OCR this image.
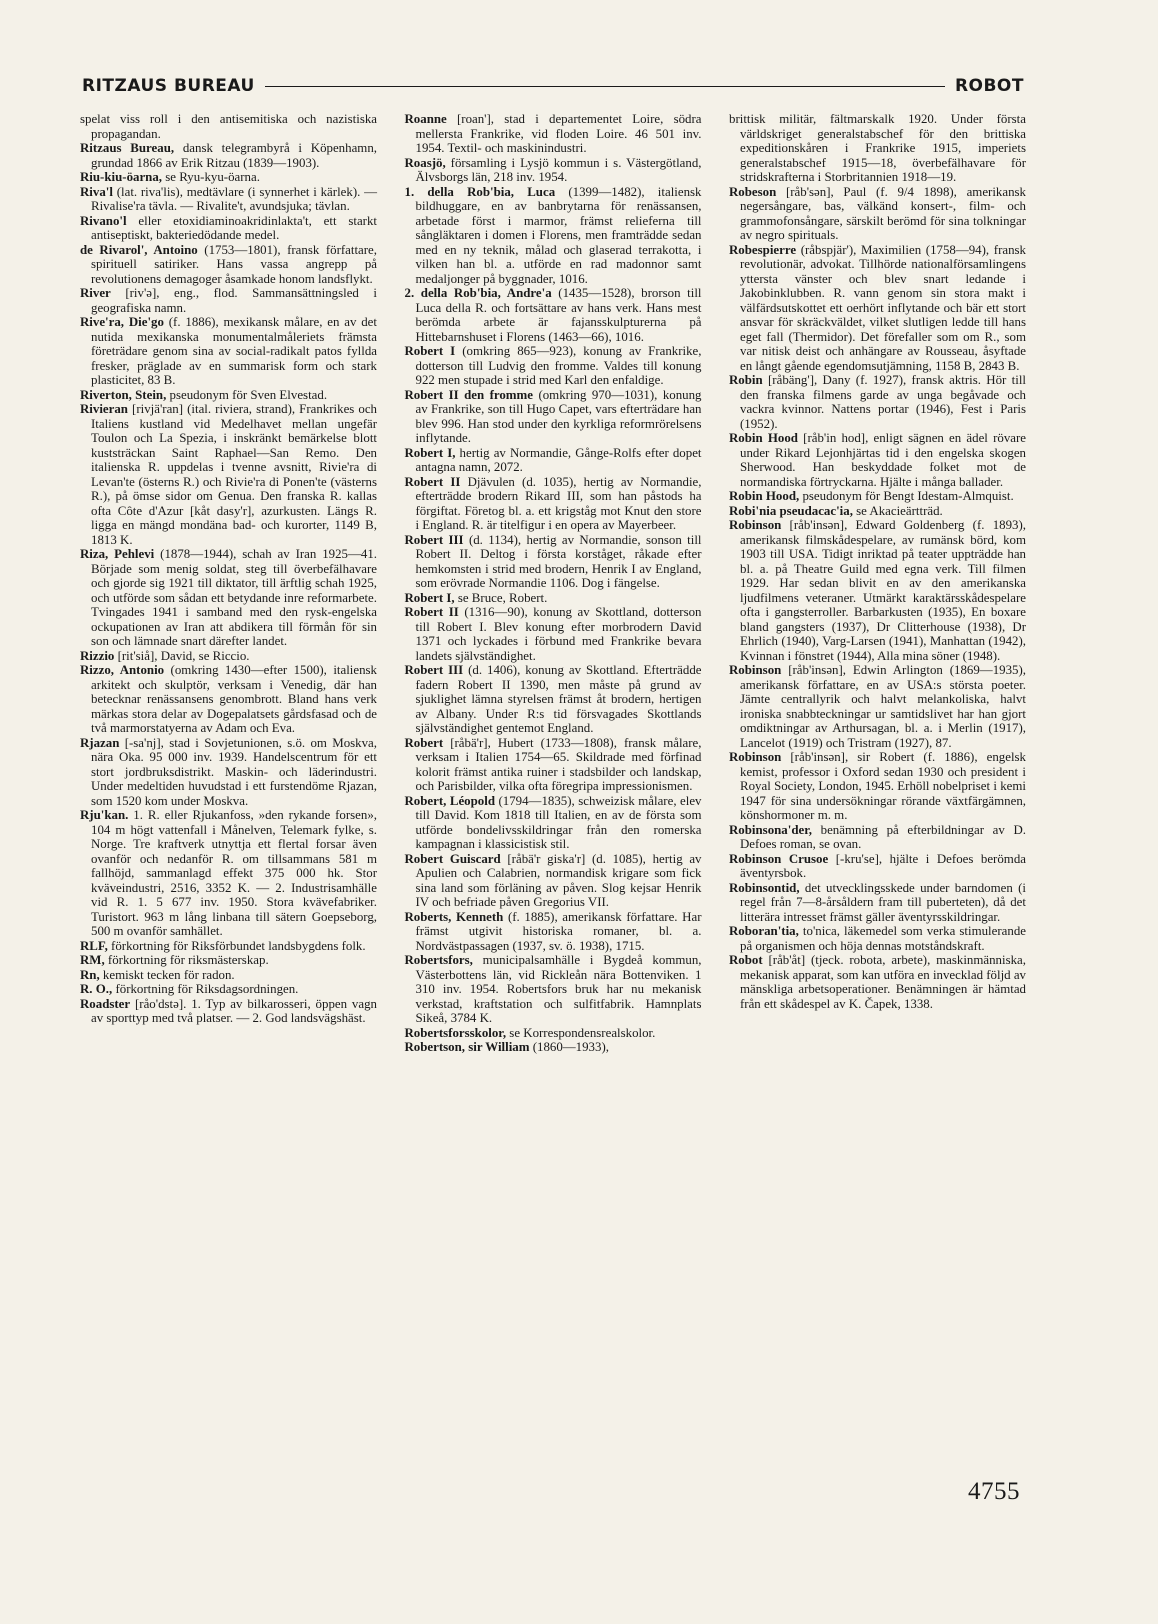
RITZAUS BUREAU	ROBOT

spelat viss roll i den antisemitiska och nazistiska propagandan.

Ritzaus Bureau, dansk telegrambyrå i Köpenhamn, grundad 1866 av Erik Ritzau (1839—1903).

Riu-kiu-öarna, se Ryu-kyu-öarna.

Riva'l (lat. riva'lis), medtävlare (i synnerhet i kärlek). — Rivalise'ra tävla. — Rivalite't, avundsjuka; tävlan.

Rivano'l eller etoxidiaminoakridinlakta't, ett starkt antiseptiskt, bakteriedödande medel.

de Rivarol', Antoino (1753—1801), fransk författare, spirituell satiriker. Hans vassa angrepp på revolutionens demagoger åsamkade honom landsflykt.

River [riv'ə], eng., flod. Sammansättningsled i geografiska namn.

Rive'ra, Die'go (f. 1886), mexikansk målare, en av det nutida mexikanska monumentalmåleriets främsta företrädare genom sina av social-radikalt patos fyllda fresker, präglade av en summarisk form och stark plasticitet, 83 B.

Riverton, Stein, pseudonym för Sven Elvestad.

Rivieran [rivjä'ran] (ital. riviera, strand), Frankrikes och Italiens kustland vid Medelhavet mellan ungefär Toulon och La Spezia, i inskränkt bemärkelse blott kuststräckan Saint Raphael—San Remo. Den italienska R. uppdelas i tvenne avsnitt, Rivie'ra di Levan'te (österns R.) och Rivie'ra di Ponen'te (västerns R.), på ömse sidor om Genua. Den franska R. kallas ofta Côte d'Azur [kåt dasy'r], azurkusten. Längs R. ligga en mängd mondäna bad- och kurorter, 1149 B, 1813 K.

Riza, Pehlevi (1878—1944), schah av Iran 1925—41. Började som menig soldat, steg till överbefälhavare och gjorde sig 1921 till diktator, till ärftlig schah 1925, och utförde som sådan ett betydande inre reformarbete. Tvingades 1941 i samband med den rysk-engelska ockupationen av Iran att abdikera till förmån för sin son och lämnade snart därefter landet.

Rizzio [rit'siå], David, se Riccio.

Rizzo, Antonio (omkring 1430—efter 1500), italiensk arkitekt och skulptör, verksam i Venedig, där han betecknar renässansens genombrott. Bland hans verk märkas stora delar av Dogepalatsets gårdsfasad och de två marmorstatyerna av Adam och Eva.

Rjazan [-sa'nj], stad i Sovjetunionen, s.ö. om Moskva, nära Oka. 95 000 inv. 1939. Handelscentrum för ett stort jordbruksdistrikt. Maskin- och läderindustri. Under medeltiden huvudstad i ett furstendöme Rjazan, som 1520 kom under Moskva.

Rju'kan. 1. R. eller Rjukanfoss, »den rykande forsen», 104 m högt vattenfall i Månelven, Telemark fylke, s. Norge. Tre kraftverk utnyttja ett flertal forsar även ovanför och nedanför R. om tillsammans 581 m fallhöjd, sammanlagd effekt 375 000 hk. Stor kväveindustri, 2516, 3352 K. — 2. Industrisamhälle vid R. 1. 5 677 inv. 1950. Stora kvävefabriker. Turistort. 963 m lång linbana till sätern Goepseborg, 500 m ovanför samhället.

RLF, förkortning för Riksförbundet landsbygdens folk.

RM, förkortning för riksmästerskap.

Rn, kemiskt tecken för radon.

R. O., förkortning för Riksdagsordningen.

Roadster [råo'dstə]. 1. Typ av bilkarosseri, öppen vagn av sporttyp med två platser. — 2. God landsvägshäst.

Roanne [roan'], stad i departementet Loire, södra mellersta Frankrike, vid floden Loire. 46 501 inv. 1954. Textil- och maskinindustri.

Roasjö, församling i Lysjö kommun i s. Västergötland, Älvsborgs län, 218 inv. 1954.

1. della Rob'bia, Luca (1399—1482), italiensk bildhuggare, en av banbrytarna för renässansen, arbetade först i marmor, främst relieferna till sångläktaren i domen i Florens, men framträdde sedan med en ny teknik, målad och glaserad terrakotta, i vilken han bl. a. utförde en rad madonnor samt medaljonger på byggnader, 1016.

2. della Rob'bia, Andre'a (1435—1528), brorson till Luca della R. och fortsättare av hans verk. Hans mest berömda arbete är fajansskulpturerna på Hittebarnshuset i Florens (1463—66), 1016.

Robert I (omkring 865—923), konung av Frankrike, dotterson till Ludvig den fromme. Valdes till konung 922 men stupade i strid med Karl den enfaldige.

Robert II den fromme (omkring 970—1031), konung av Frankrike, son till Hugo Capet, vars efterträdare han blev 996. Han stod under den kyrkliga reformrörelsens inflytande.

Robert I, hertig av Normandie, Gånge-Rolfs efter dopet antagna namn, 2072.

Robert II Djävulen (d. 1035), hertig av Normandie, efterträdde brodern Rikard III, som han påstods ha förgiftat. Företog bl. a. ett krigståg mot Knut den store i England. R. är titelfigur i en opera av Mayerbeer.

Robert III (d. 1134), hertig av Normandie, sonson till Robert II. Deltog i första korståget, råkade efter hemkomsten i strid med brodern, Henrik I av England, som erövrade Normandie 1106. Dog i fängelse.

Robert I, se Bruce, Robert.

Robert II (1316—90), konung av Skottland, dotterson till Robert I. Blev konung efter morbrodern David 1371 och lyckades i förbund med Frankrike bevara landets självständighet.

Robert III (d. 1406), konung av Skottland. Efterträdde fadern Robert II 1390, men måste på grund av sjuklighet lämna styrelsen främst åt brodern, hertigen av Albany. Under R:s tid försvagades Skottlands självständighet gentemot England.

Robert [råbä'r], Hubert (1733—1808), fransk målare, verksam i Italien 1754—65. Skildrade med förfinad kolorit främst antika ruiner i stadsbilder och landskap, och Parisbilder, vilka ofta föregripa impressionismen.

Robert, Léopold (1794—1835), schweizisk målare, elev till David. Kom 1818 till Italien, en av de första som utförde bondelivsskildringar från den romerska kampagnan i klassicistisk stil.

Robert Guiscard [råbä'r giska'r] (d. 1085), hertig av Apulien och Calabrien, normandisk krigare som fick sina land som förläning av påven. Slog kejsar Henrik IV och befriade påven Gregorius VII.

Roberts, Kenneth (f. 1885), amerikansk författare. Har främst utgivit historiska romaner, bl. a. Nordvästpassagen (1937, sv. ö. 1938), 1715.

Robertsfors, municipalsamhälle i Bygdeå kommun, Västerbottens län, vid Rickleån nära Bottenviken. 1 310 inv. 1954. Robertsfors bruk har nu mekanisk verkstad, kraftstation och sulfitfabrik. Hamnplats Sikeå, 3784 K.

Robertsforsskolor, se Korrespondensrealskolor.

Robertson, sir William (1860—1933),

brittisk militär, fältmarskalk 1920. Under första världskriget generalstabschef för den brittiska expeditionskåren i Frankrike 1915, imperiets generalstabschef 1915—18, överbefälhavare för stridskrafterna i Storbritannien 1918—19.

Robeson [råb'sən], Paul (f. 9/4 1898), amerikansk negersångare, bas, välkänd konsert-, film- och grammofonsångare, särskilt berömd för sina tolkningar av negro spirituals.

Robespierre (råbspjär'), Maximilien (1758—94), fransk revolutionär, advokat. Tillhörde nationalförsamlingens yttersta vänster och blev snart ledande i Jakobinklubben. R. vann genom sin stora makt i välfärdsutskottet ett oerhört inflytande och bär ett stort ansvar för skräckväldet, vilket slutligen ledde till hans eget fall (Thermidor). Det förefaller som om R., som var nitisk deist och anhängare av Rousseau, åsyftade en långt gående egendomsutjämning, 1158 B, 2843 B.

Robin [råbäng'], Dany (f. 1927), fransk aktris. Hör till den franska filmens garde av unga begåvade och vackra kvinnor. Nattens portar (1946), Fest i Paris (1952).

Robin Hood [råb'in hod], enligt sägnen en ädel rövare under Rikard Lejonhjärtas tid i den engelska skogen Sherwood. Han beskyddade folket mot de normandiska förtryckarna. Hjälte i många ballader.

Robin Hood, pseudonym för Bengt Idestam-Almquist.

Robi'nia pseudacac'ia, se Akacieärtträd.

Robinson [råb'insən], Edward Goldenberg (f. 1893), amerikansk filmskådespelare, av rumänsk börd, kom 1903 till USA. Tidigt inriktad på teater uppträdde han bl. a. på Theatre Guild med egna verk. Till filmen 1929. Har sedan blivit en av den amerikanska ljudfilmens veteraner. Utmärkt karaktärsskådespelare ofta i gangsterroller. Barbarkusten (1935), En boxare bland gangsters (1937), Dr Clitterhouse (1938), Dr Ehrlich (1940), Varg-Larsen (1941), Manhattan (1942), Kvinnan i fönstret (1944), Alla mina söner (1948).

Robinson [råb'insən], Edwin Arlington (1869—1935), amerikansk författare, en av USA:s största poeter. Jämte centrallyrik och halvt melankoliska, halvt ironiska snabbteckningar ur samtidslivet har han gjort omdiktningar av Arthursagan, bl. a. i Merlin (1917), Lancelot (1919) och Tristram (1927), 87.

Robinson [råb'insən], sir Robert (f. 1886), engelsk kemist, professor i Oxford sedan 1930 och president i Royal Society, London, 1945. Erhöll nobelpriset i kemi 1947 för sina undersökningar rörande växtfärgämnen, könshormoner m. m.

Robinsona'der, benämning på efterbildningar av D. Defoes roman, se ovan.

Robinson Crusoe [-kru'se], hjälte i Defoes berömda äventyrsbok.

Robinsontid, det utvecklingsskede under barndomen (i regel från 7—8-årsåldern fram till puberteten), då det litterära intresset främst gäller äventyrsskildringar.

Roboran'tia, to'nica, läkemedel som verka stimulerande på organismen och höja dennas motståndskraft.

Robot [råb'åt] (tjeck. robota, arbete), maskinmänniska, mekanisk apparat, som kan utföra en invecklad följd av mänskliga arbetsoperationer. Benämningen är hämtad från ett skådespel av K. Čapek, 1338.

4755
